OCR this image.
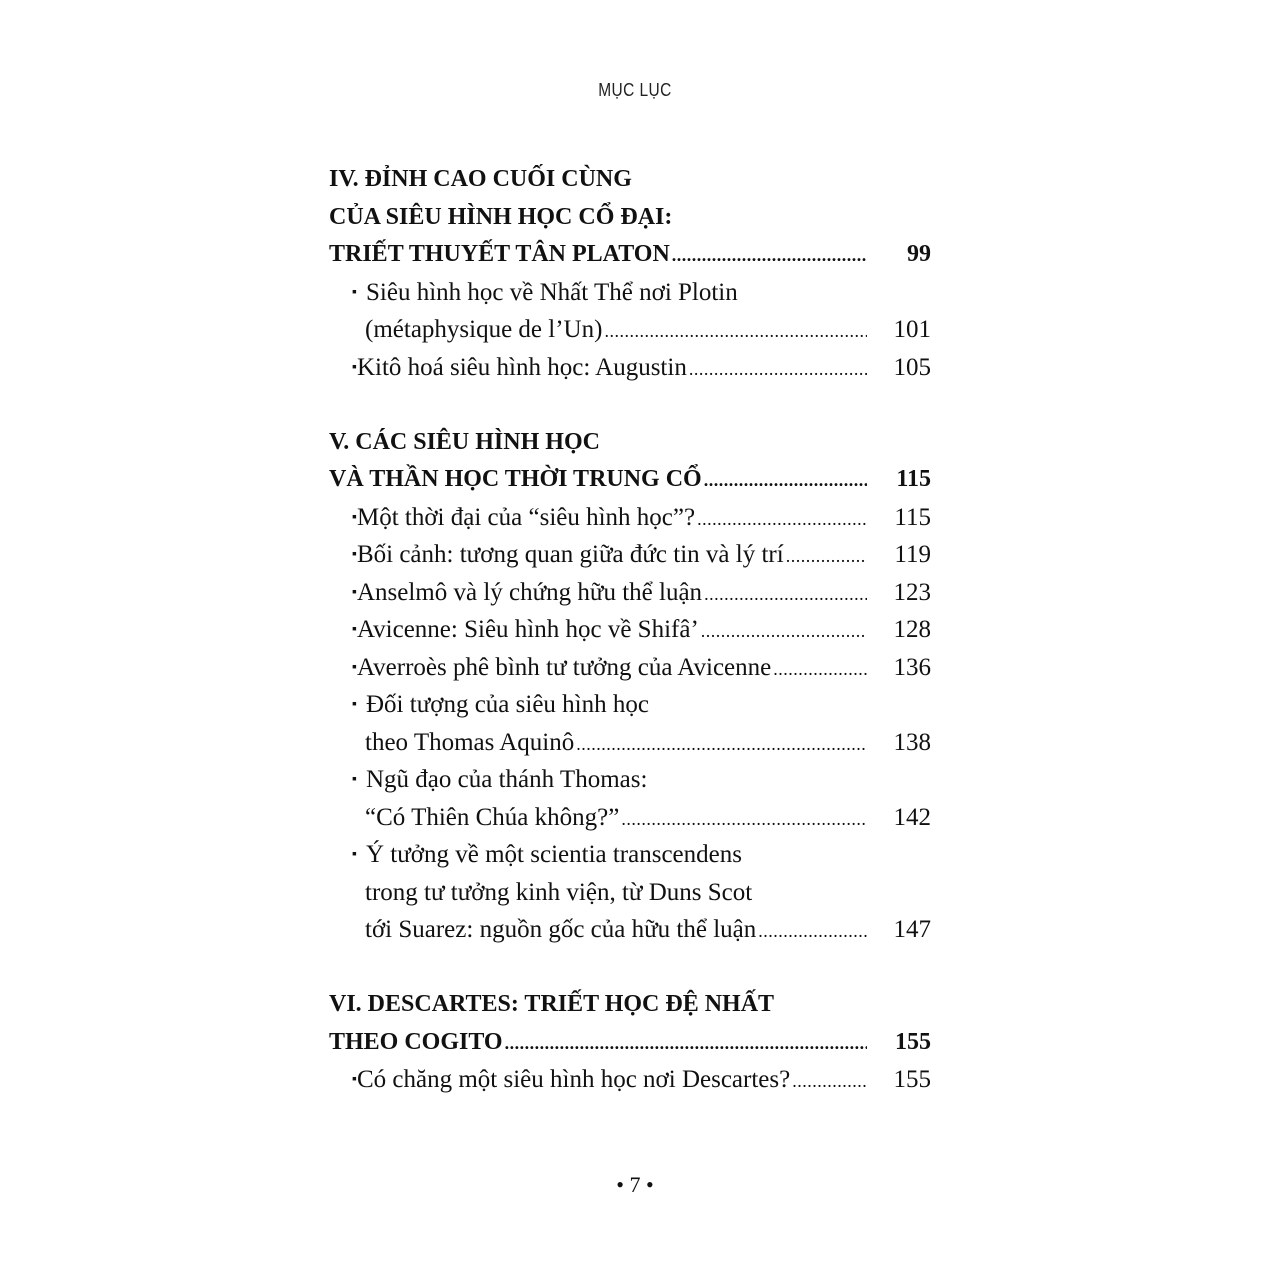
MỤC LỤC
IV. ĐỈNH CAO CUỐI CÙNG
CỦA SIÊU HÌNH HỌC CỔ ĐẠI:
TRIẾT THUYẾT TÂN PLATON .....	99
▪ Siêu hình học về Nhất Thể nơi Plotin
(métaphysique de l’Un) .....	101
▪ Kitô hoá siêu hình học: Augustin .....	105
V. CÁC SIÊU HÌNH HỌC
VÀ THẦN HỌC THỜI TRUNG CỔ .....	115
▪ Một thời đại của “siêu hình học”? .....	115
▪ Bối cảnh: tương quan giữa đức tin và lý trí .....	119
▪ Anselmô và lý chứng hữu thể luận .....	123
▪ Avicenne: Siêu hình học về Shifâ’ .....	128
▪ Averroès phê bình tư tưởng của Avicenne .....	136
▪ Đối tượng của siêu hình học
theo Thomas Aquinô .....	138
▪ Ngũ đạo của thánh Thomas:
“Có Thiên Chúa không?” .....	142
▪ Ý tưởng về một scientia transcendens
trong tư tưởng kinh viện, từ Duns Scot
tới Suarez: nguồn gốc của hữu thể luận .....	147
VI. DESCARTES: TRIẾT HỌC ĐỆ NHẤT
THEO COGITO .....	155
▪ Có chăng một siêu hình học nơi Descartes? .....	155
• 7 •
